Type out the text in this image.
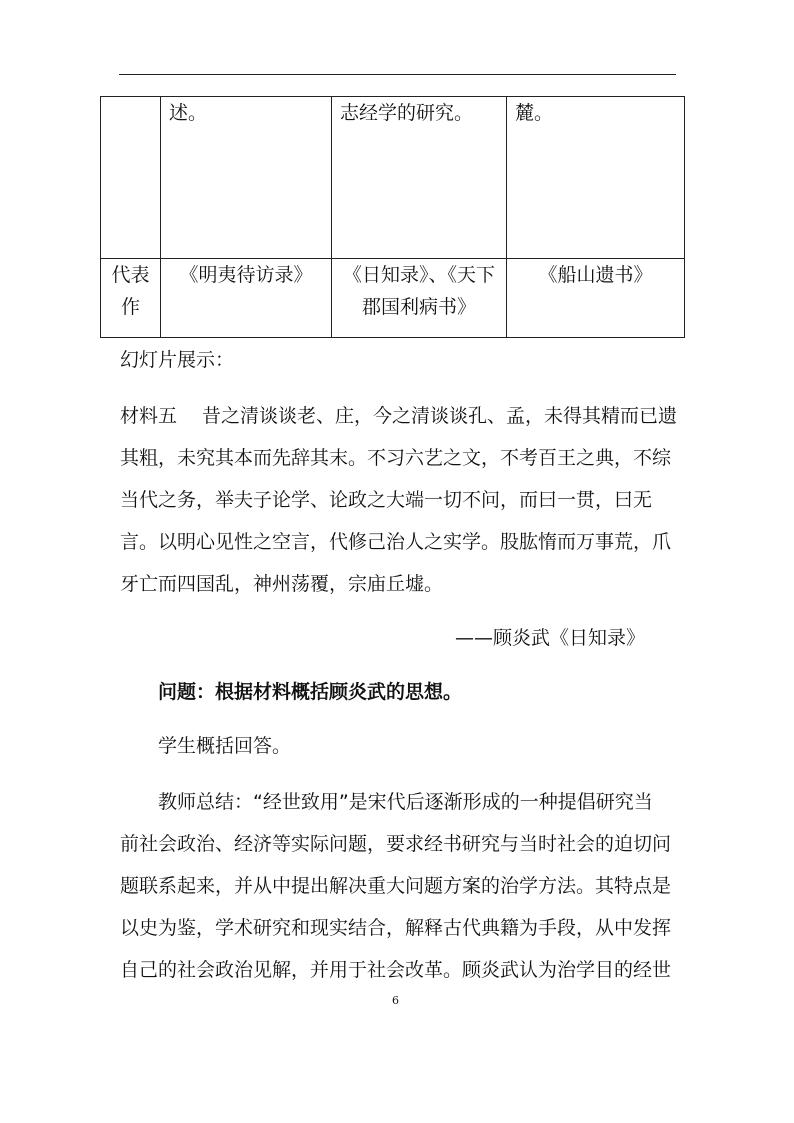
	述。	志经学的研究。	麓。
代表作	《明夷待访录》	《日知录》、《天下郡国利病书》	《船山遗书》
幻灯片展示：
材料五　 昔之清谈谈老、庄，今之清谈谈孔、孟，未得其精而已遗
其粗，未究其本而先辞其末。不习六艺之文，不考百王之典，不综
当代之务，举夫子论学、论政之大端一切不问，而曰一贯，曰无
言。以明心见性之空言，代修己治人之实学。股肱惰而万事荒，爪
牙亡而四国乱，神州荡覆，宗庙丘墟。
——顾炎武《日知录》
问题：根据材料概括顾炎武的思想。
学生概括回答。
教师总结：“经世致用”是宋代后逐渐形成的一种提倡研究当
前社会政治、经济等实际问题，要求经书研究与当时社会的迫切问
题联系起来，并从中提出解决重大问题方案的治学方法。其特点是
以史为鉴，学术研究和现实结合，解释古代典籍为手段，从中发挥
自己的社会政治见解，并用于社会改革。顾炎武认为治学目的经世
6
